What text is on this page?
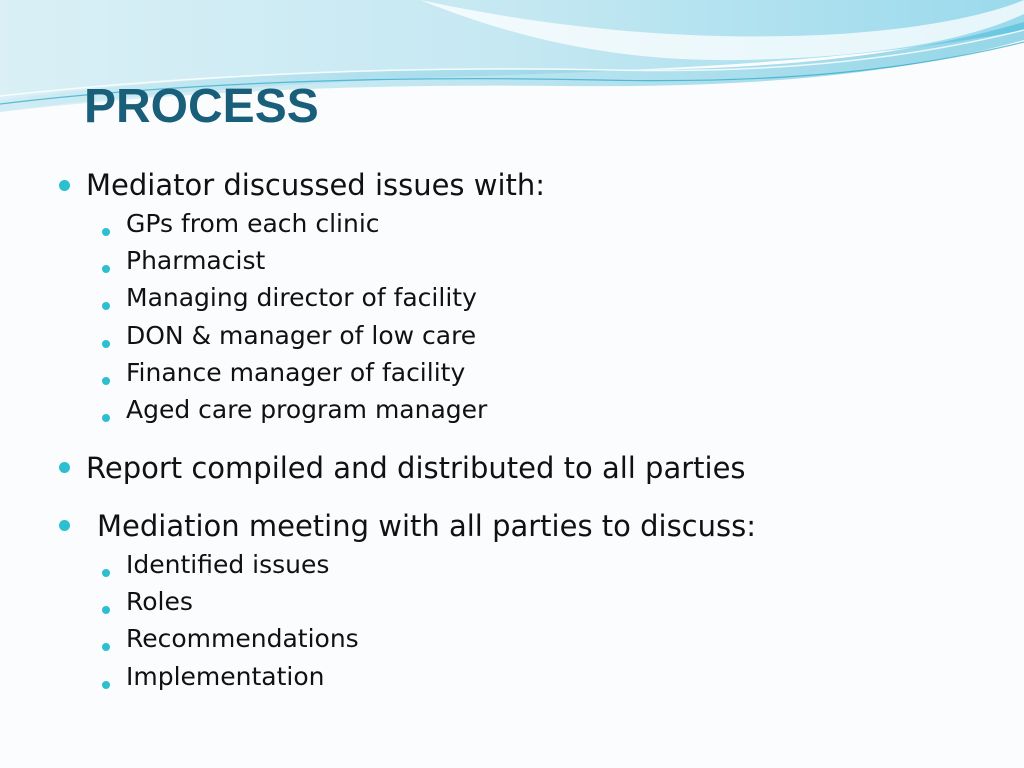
PROCESS

Mediator discussed issues with:

GPs from each clinic

Pharmacist

Managing director of facility

DON & manager of low care

Finance manager of facility

Aged care program manager

Report compiled and distributed to all parties

Mediation meeting with all parties to discuss:

Identified issues

Roles

Recommendations

Implementation
